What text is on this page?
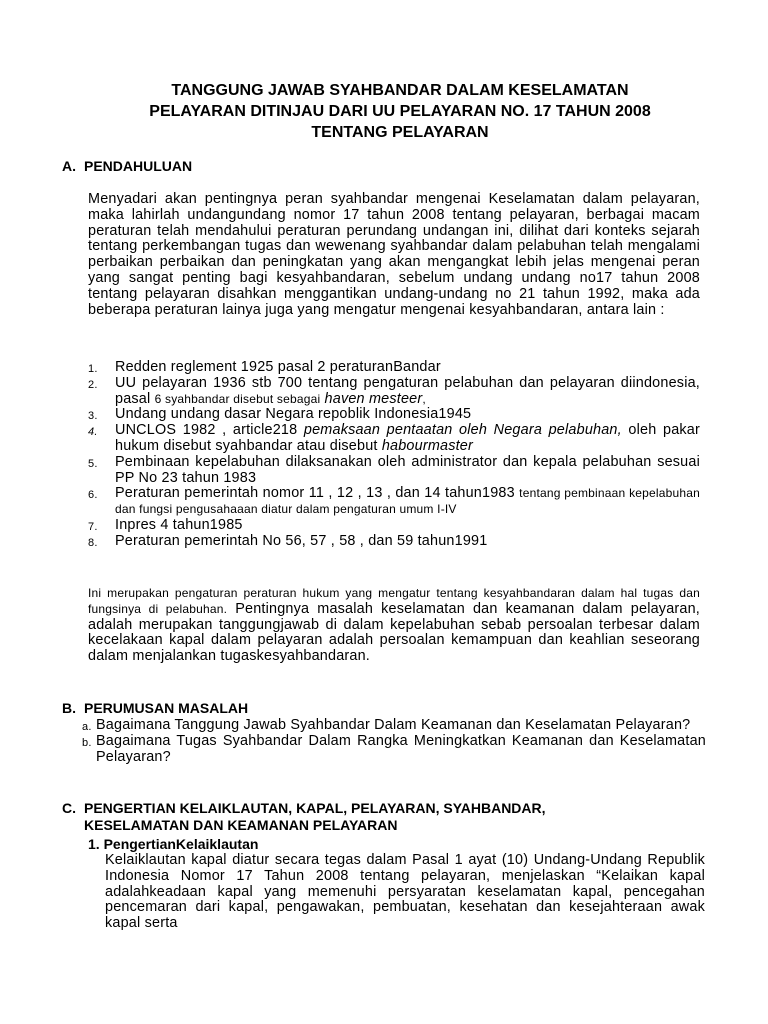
TANGGUNG JAWAB SYAHBANDAR DALAM KESELAMATAN
PELAYARAN DITINJAU DARI UU PELAYARAN NO. 17 TAHUN 2008
TENTANG PELAYARAN
A. PENDAHULUAN
Menyadari akan pentingnya peran syahbandar mengenai Keselamatan dalam pelayaran, maka lahirlah undangundang nomor 17 tahun 2008 tentang pelayaran, berbagai macam peraturan telah mendahului peraturan perundang undangan ini, dilihat dari konteks sejarah tentang perkembangan tugas dan wewenang syahbandar dalam pelabuhan telah mengalami perbaikan perbaikan dan peningkatan yang akan mengangkat lebih jelas mengenai peran yang sangat penting bagi kesyahbandaran, sebelum undang undang no17 tahun 2008 tentang pelayaran disahkan menggantikan undang-undang no 21 tahun 1992, maka ada beberapa peraturan lainya juga yang mengatur mengenai kesyahbandaran, antara lain :
1. Redden reglement 1925 pasal 2 peraturanBandar
2. UU pelayaran 1936 stb 700 tentang pengaturan pelabuhan dan pelayaran diindonesia, pasal 6 syahbandar disebut sebagai haven mesteer,
3. Undang undang dasar Negara repoblik Indonesia1945
4. UNCLOS 1982 , article218 pemaksaan pentaatan oleh Negara pelabuhan, oleh pakar hukum disebut syahbandar atau disebut habourmaster
5. Pembinaan kepelabuhan dilaksanakan oleh administrator dan kepala pelabuhan sesuai PP No 23 tahun 1983
6. Peraturan pemerintah nomor 11 , 12 , 13 , dan 14 tahun1983 tentang pembinaan kepelabuhan dan fungsi pengusahaaan diatur dalam pengaturan umum I-IV
7. Inpres 4 tahun1985
8. Peraturan pemerintah No 56, 57 , 58 , dan 59 tahun1991
Ini merupakan pengaturan peraturan hukum yang mengatur tentang kesyahbandaran dalam hal tugas dan fungsinya di pelabuhan. Pentingnya masalah keselamatan dan keamanan dalam pelayaran, adalah merupakan tanggungjawab di dalam kepelabuhan sebab persoalan terbesar dalam kecelakaan kapal dalam pelayaran adalah persoalan kemampuan dan keahlian seseorang dalam menjalankan tugaskesyahbandaran.
B. PERUMUSAN MASALAH
a. Bagaimana Tanggung Jawab Syahbandar Dalam Keamanan dan Keselamatan Pelayaran?
b. Bagaimana Tugas Syahbandar Dalam Rangka Meningkatkan Keamanan dan Keselamatan Pelayaran?
C. PENGERTIAN KELAIKLAUTAN, KAPAL, PELAYARAN, SYAHBANDAR,
KESELAMATAN DAN KEAMANAN PELAYARAN
1. PengertianKelaiklautan
Kelaiklautan kapal diatur secara tegas dalam Pasal 1 ayat (10) Undang-Undang Republik Indonesia Nomor 17 Tahun 2008 tentang pelayaran, menjelaskan “Kelaikan kapal adalahkeadaan kapal yang memenuhi persyaratan keselamatan kapal, pencegahan pencemaran dari kapal, pengawakan, pembuatan, kesehatan dan kesejahteraan awak kapal serta
